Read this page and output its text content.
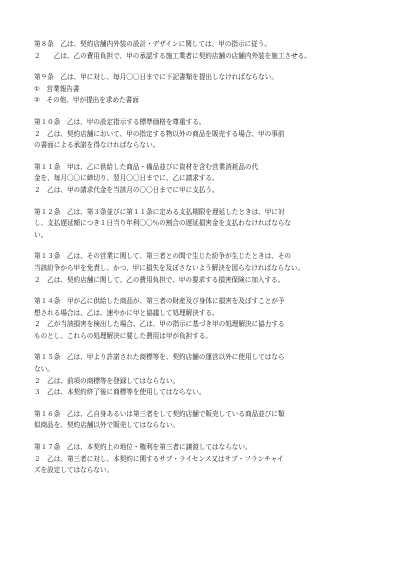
第８条　乙は、契約店舗内外装の設計・デザインに関しては、甲の指示に従う。
２　　乙は、乙の費用負担で、甲の承認する施工業者に契約店舗の店舗内外装を施工させる。
第９条　乙は、甲に対し、毎月〇〇日までに下記書類を提出しなければならない。
①　営業報告書
②　その他、甲が提出を求めた書面
第１０条　乙は、甲の設定指示する標準価格を尊重する。
２　乙は、契約店舗において、甲の指定する物以外の商品を販売する場合、甲の事前
の書面による承諾を得なければならない。
第１１条　甲は、乙に供給した商品・備品並びに資材を含む営業消耗品の代
金を、毎月〇〇に締切り、翌月〇〇日までに、乙に請求する。
２　乙は、甲の請求代金を当該月の〇〇日までに甲に支払う。
第１２条　乙は、第３条並びに第１１条に定める支払期限を遅延したときは、甲に対
し、支払遅延額につき１日当り年利〇〇％の割合の遅延損害金を支払わなければならな
い。
第１３条　乙は、その営業に関して、第三者との間で生じた紛争が生じたときは、その
当該紛争から甲を免責し、かつ、甲に損失を及ぼさないよう解決を図らなければならない。
２　乙は、契約店舗に関して、乙の費用負担で、甲の要求する損害保険に加入する。
第１４条　甲が乙に供給した商品が、第三者の財産及び身体に損害を及ぼすことが予
想される場合は、乙は、速やかに甲と協議して処理解決する。
２　乙が当該損害を検出した場合、乙は、甲の指示に基づき甲の処理解決に協力する
ものとし、これらの処理解決に要した費用は甲が負担する。
第１５条　乙は、甲より許諾された商標等を、契約店舗の運営以外に使用してはなら
ない。
２　乙は、前項の商標等を登録してはならない。
３　乙は、本契約終了後に商標等を使用してはならない。
第１６条　乙は、乙自身あるいは第三者をして契約店舗で販売している商品並びに類
似商品を、契約店舗以外で販売してはならない。
第１７条　乙は、本契約上の地位・権利を第三者に譲渡してはならない。
２　乙は、第三者に対し、本契約に関するサブ・ライセンス又はサブ・フランチャイ
ズを設定してはならない。
